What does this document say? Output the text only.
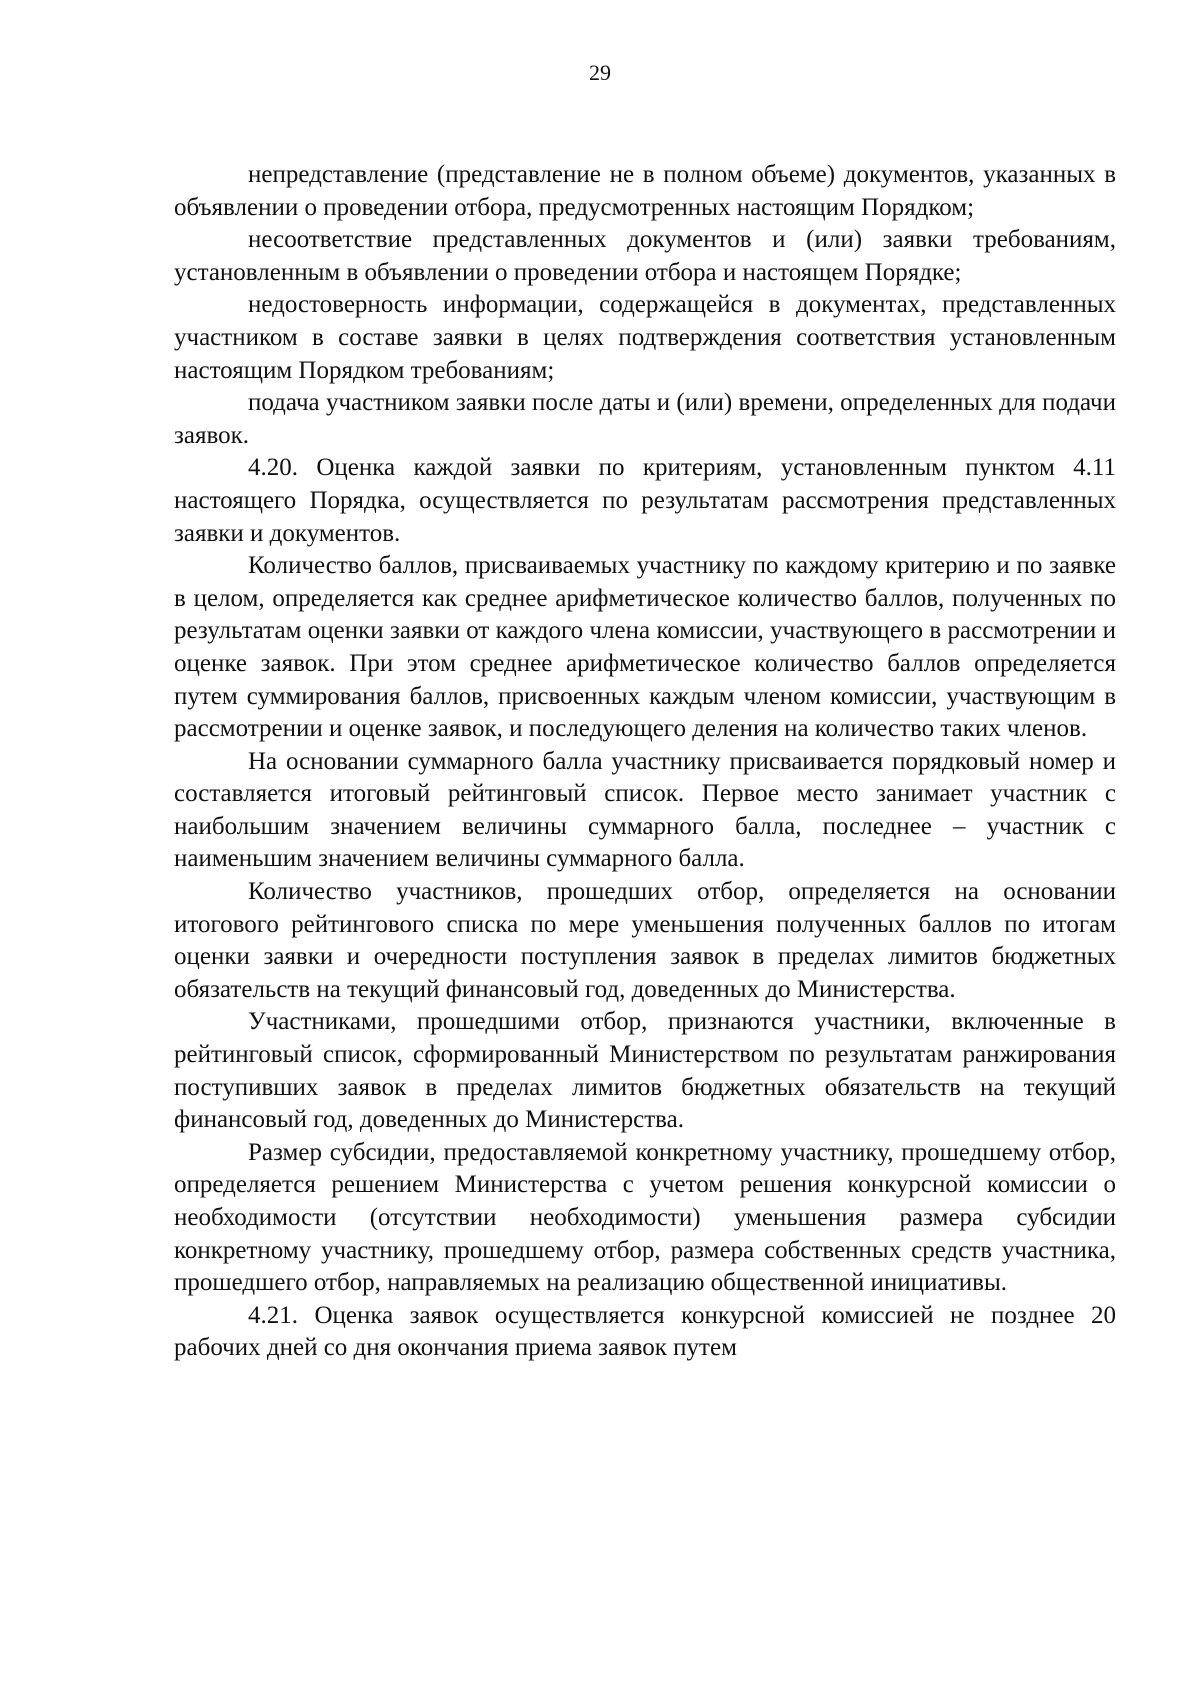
29

непредставление (представление не в полном объеме) документов, указанных в объявлении о проведении отбора, предусмотренных настоящим Порядком;

несоответствие представленных документов и (или) заявки требованиям, установленным в объявлении о проведении отбора и настоящем Порядке;

недостоверность информации, содержащейся в документах, представленных участником в составе заявки в целях подтверждения соответствия установленным настоящим Порядком требованиям;

подача участником заявки после даты и (или) времени, определенных для подачи заявок.

4.20. Оценка каждой заявки по критериям, установленным пунктом 4.11 настоящего Порядка, осуществляется по результатам рассмотрения представленных заявки и документов.

Количество баллов, присваиваемых участнику по каждому критерию и по заявке в целом, определяется как среднее арифметическое количество баллов, полученных по результатам оценки заявки от каждого члена комиссии, участвующего в рассмотрении и оценке заявок. При этом среднее арифметическое количество баллов определяется путем суммирования баллов, присвоенных каждым членом комиссии, участвующим в рассмотрении и оценке заявок, и последующего деления на количество таких членов.

На основании суммарного балла участнику присваивается порядковый номер и составляется итоговый рейтинговый список. Первое место занимает участник с наибольшим значением величины суммарного балла, последнее – участник с наименьшим значением величины суммарного балла.

Количество участников, прошедших отбор, определяется на основании итогового рейтингового списка по мере уменьшения полученных баллов по итогам оценки заявки и очередности поступления заявок в пределах лимитов бюджетных обязательств на текущий финансовый год, доведенных до Министерства.

Участниками, прошедшими отбор, признаются участники, включенные в рейтинговый список, сформированный Министерством по результатам ранжирования поступивших заявок в пределах лимитов бюджетных обязательств на текущий финансовый год, доведенных до Министерства.

Размер субсидии, предоставляемой конкретному участнику, прошедшему отбор, определяется решением Министерства с учетом решения конкурсной комиссии о необходимости (отсутствии необходимости) уменьшения размера субсидии конкретному участнику, прошедшему отбор, размера собственных средств участника, прошедшего отбор, направляемых на реализацию общественной инициативы.

4.21. Оценка заявок осуществляется конкурсной комиссией не позднее 20 рабочих дней со дня окончания приема заявок путем
